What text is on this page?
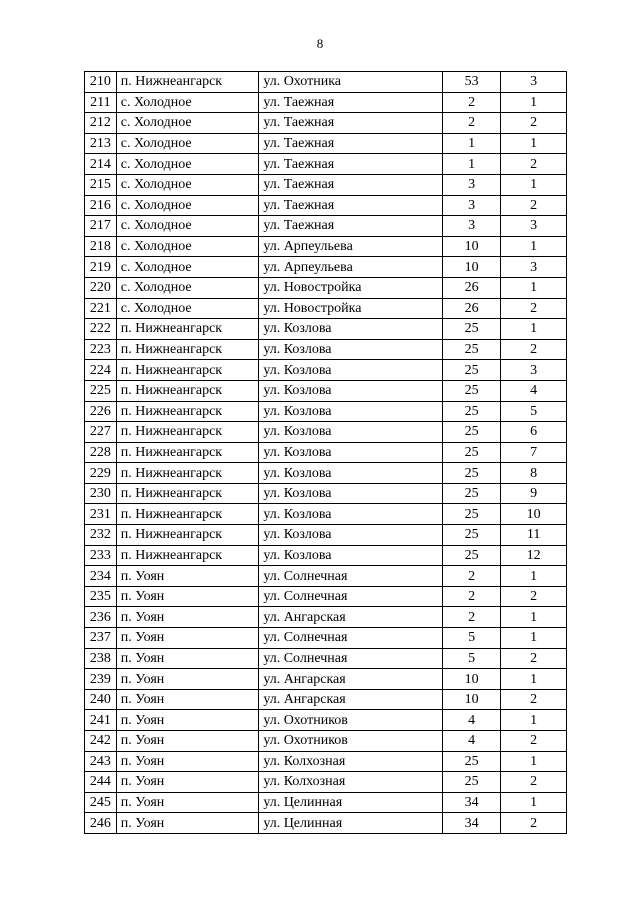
8
210	п. Нижнеангарск	ул. Охотника	53	3
211	с. Холодное	ул. Таежная	2	1
212	с. Холодное	ул. Таежная	2	2
213	с. Холодное	ул. Таежная	1	1
214	с. Холодное	ул. Таежная	1	2
215	с. Холодное	ул. Таежная	3	1
216	с. Холодное	ул. Таежная	3	2
217	с. Холодное	ул. Таежная	3	3
218	с. Холодное	ул. Арпеульева	10	1
219	с. Холодное	ул. Арпеульева	10	3
220	с. Холодное	ул. Новостройка	26	1
221	с. Холодное	ул. Новостройка	26	2
222	п. Нижнеангарск	ул. Козлова	25	1
223	п. Нижнеангарск	ул. Козлова	25	2
224	п. Нижнеангарск	ул. Козлова	25	3
225	п. Нижнеангарск	ул. Козлова	25	4
226	п. Нижнеангарск	ул. Козлова	25	5
227	п. Нижнеангарск	ул. Козлова	25	6
228	п. Нижнеангарск	ул. Козлова	25	7
229	п. Нижнеангарск	ул. Козлова	25	8
230	п. Нижнеангарск	ул. Козлова	25	9
231	п. Нижнеангарск	ул. Козлова	25	10
232	п. Нижнеангарск	ул. Козлова	25	11
233	п. Нижнеангарск	ул. Козлова	25	12
234	п. Уоян	ул. Солнечная	2	1
235	п. Уоян	ул. Солнечная	2	2
236	п. Уоян	ул. Ангарская	2	1
237	п. Уоян	ул. Солнечная	5	1
238	п. Уоян	ул. Солнечная	5	2
239	п. Уоян	ул. Ангарская	10	1
240	п. Уоян	ул. Ангарская	10	2
241	п. Уоян	ул. Охотников	4	1
242	п. Уоян	ул. Охотников	4	2
243	п. Уоян	ул. Колхозная	25	1
244	п. Уоян	ул. Колхозная	25	2
245	п. Уоян	ул. Целинная	34	1
246	п. Уоян	ул. Целинная	34	2
